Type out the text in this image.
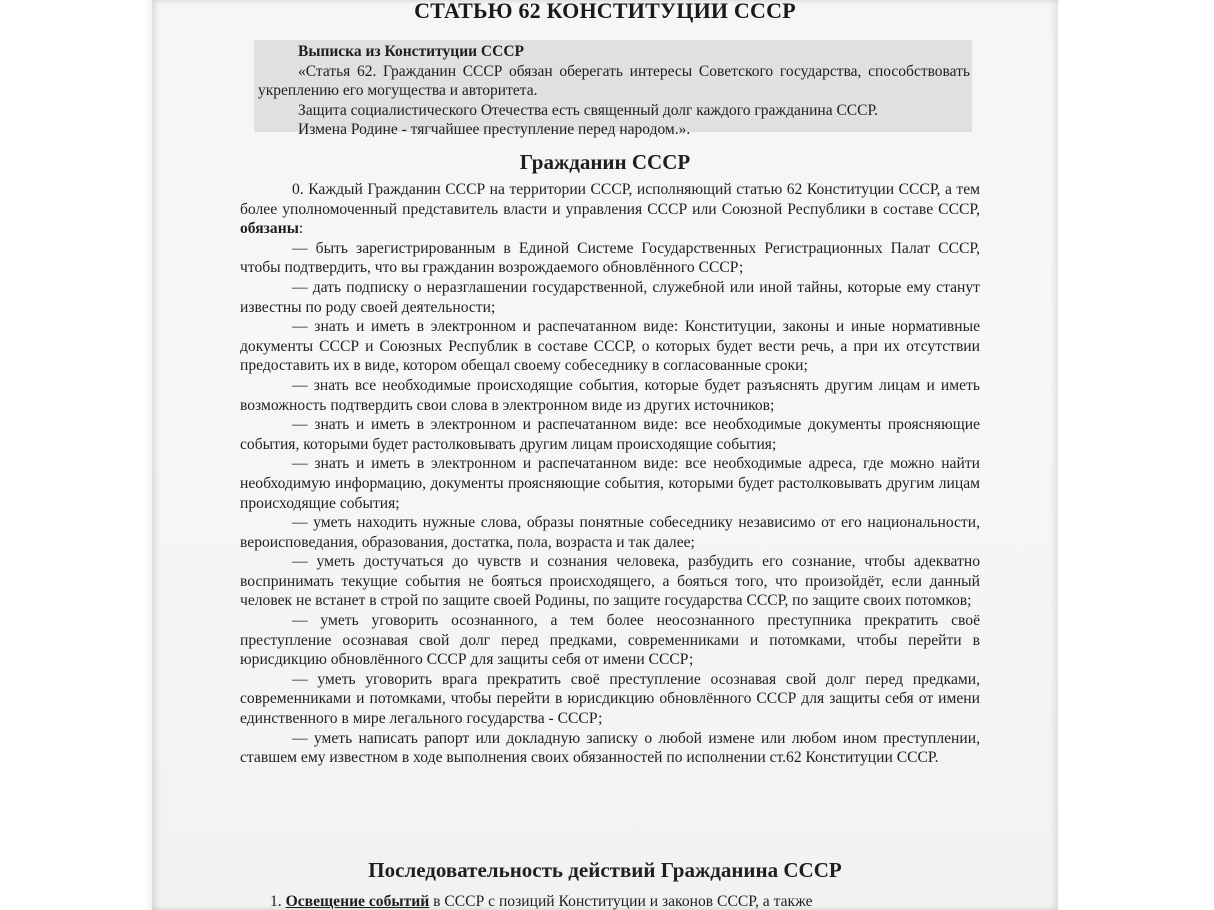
СТАТЬЮ 62 КОНСТИТУЦИИ СССР
Выписка из Конституции СССР
«Статья 62. Гражданин СССР обязан оберегать интересы Советского государства, способствовать укреплению его могущества и авторитета.
Защита социалистического Отечества есть священный долг каждого гражданина СССР.
Измена Родине - тягчайшее преступление перед народом.».
Гражданин СССР

0. Каждый Гражданин СССР на территории СССР, исполняющий статью 62 Конституции СССР, а тем более уполномоченный представитель власти и управления СССР или Союзной Республики в составе СССР, обязаны:

— быть зарегистрированным в Единой Системе Государственных Регистрационных Палат СССР, чтобы подтвердить, что вы гражданин возрождаемого обновлённого СССР;

— дать подписку о неразглашении государственной, служебной или иной тайны, которые ему станут известны по роду своей деятельности;

— знать и иметь в электронном и распечатанном виде: Конституции, законы и иные нормативные документы СССР и Союзных Республик в составе СССР, о которых будет вести речь, а при их отсутствии предоставить их в виде, котором обещал своему собеседнику в согласованные сроки;

— знать все необходимые происходящие события, которые будет разъяснять другим лицам и иметь возможность подтвердить свои слова в электронном виде из других источников;

— знать и иметь в электронном и распечатанном виде: все необходимые документы проясняющие события, которыми будет растолковывать другим лицам происходящие события;

— знать и иметь в электронном и распечатанном виде: все необходимые адреса, где можно найти необходимую информацию, документы проясняющие события, которыми будет растолковывать другим лицам происходящие события;

— уметь находить нужные слова, образы понятные собеседнику независимо от его национальности, вероисповедания, образования, достатка, пола, возраста и так далее;

— уметь достучаться до чувств и сознания человека, разбудить его сознание, чтобы адекватно воспринимать текущие события не бояться происходящего, а бояться того, что произойдёт, если данный человек не встанет в строй по защите своей Родины, по защите государства СССР, по защите своих потомков;

— уметь уговорить осознанного, а тем более неосознанного преступника прекратить своё преступление осознавая свой долг перед предками, современниками и потомками, чтобы перейти в юрисдикцию обновлённого СССР для защиты себя от имени СССР;

— уметь уговорить врага прекратить своё преступление осознавая свой долг перед предками, современниками и потомками, чтобы перейти в юрисдикцию обновлённого СССР для защиты себя от имени единственного в мире легального государства - СССР;

— уметь написать рапорт или докладную записку о любой измене или любом ином преступлении, ставшем ему известном в ходе выполнения своих обязанностей по исполнении ст.62 Конституции СССР.

Последовательность действий Гражданина СССР
1. Освещение событий в СССР с позиций Конституции и законов СССР, а также
